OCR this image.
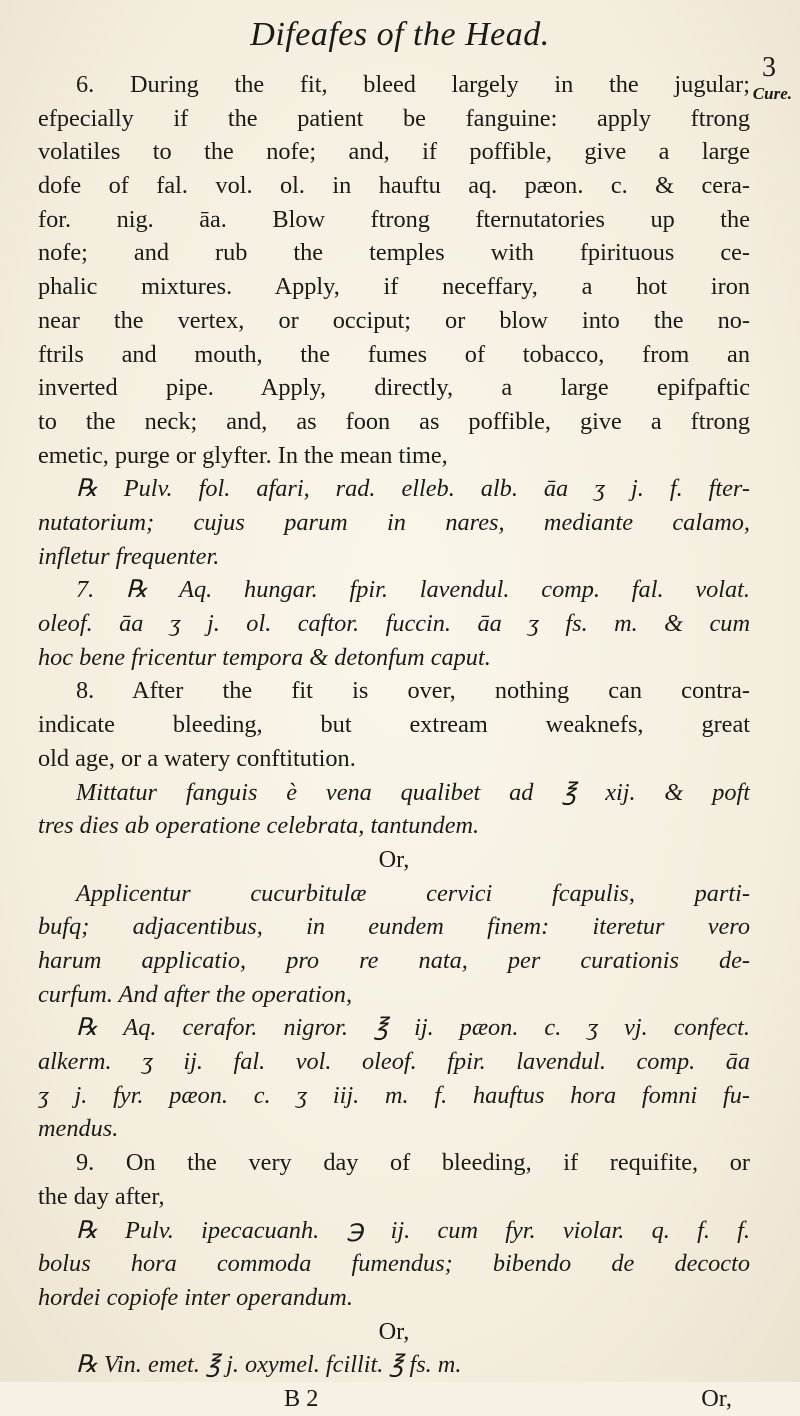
Difeafes of the Head.
3
Cure.
6. During the fit, bleed largely in the jugular;
efpecially if the patient be fanguine: apply ftrong
volatiles to the nofe; and, if poffible, give a large
dofe of fal. vol. ol. in hauftu aq. pæon. c. & cera-
for. nig. āa. Blow ftrong fternutatories up the
nofe; and rub the temples with fpirituous ce-
phalic mixtures. Apply, if neceffary, a hot iron
near the vertex, or occiput; or blow into the no-
ftrils and mouth, the fumes of tobacco, from an
inverted pipe. Apply, directly, a large epifpaftic
to the neck; and, as foon as poffible, give a ftrong
emetic, purge or glyfter. In the mean time,
℞ Pulv. fol. afari, rad. elleb. alb. āa ʒ j. f. fter-
nutatorium; cujus parum in nares, mediante calamo,
infletur frequenter.
7. ℞ Aq. hungar. fpir. lavendul. comp. fal. volat.
oleof. āa ʒ j. ol. caftor. fuccin. āa ʒ fs. m. & cum
hoc bene fricentur tempora & detonfum caput.
8. After the fit is over, nothing can contra-
indicate bleeding, but extream weaknefs, great
old age, or a watery conftitution.
Mittatur fanguis è vena qualibet ad ℥ xij. & poft
tres dies ab operatione celebrata, tantundem.
Or,
Applicentur cucurbitulæ cervici fcapulis, parti-
bufq; adjacentibus, in eundem finem: iteretur vero
harum applicatio, pro re nata, per curationis de-
curfum. And after the operation,
℞ Aq. cerafor. nigror. ℥ ij. pæon. c. ʒ vj. confect.
alkerm. ʒ ij. fal. vol. oleof. fpir. lavendul. comp. āa
ʒ j. fyr. pæon. c. ʒ iij. m. f. hauftus hora fomni fu-
mendus.
9. On the very day of bleeding, if requifite, or
the day after,
℞ Pulv. ipecacuanh. ℈ ij. cum fyr. violar. q. f. f.
bolus hora commoda fumendus; bibendo de decocto
hordei copiofe inter operandum.
Or,
℞ Vin. emet. ℥ j. oxymel. fcillit. ℥ fs. m.
B 2	Or,
